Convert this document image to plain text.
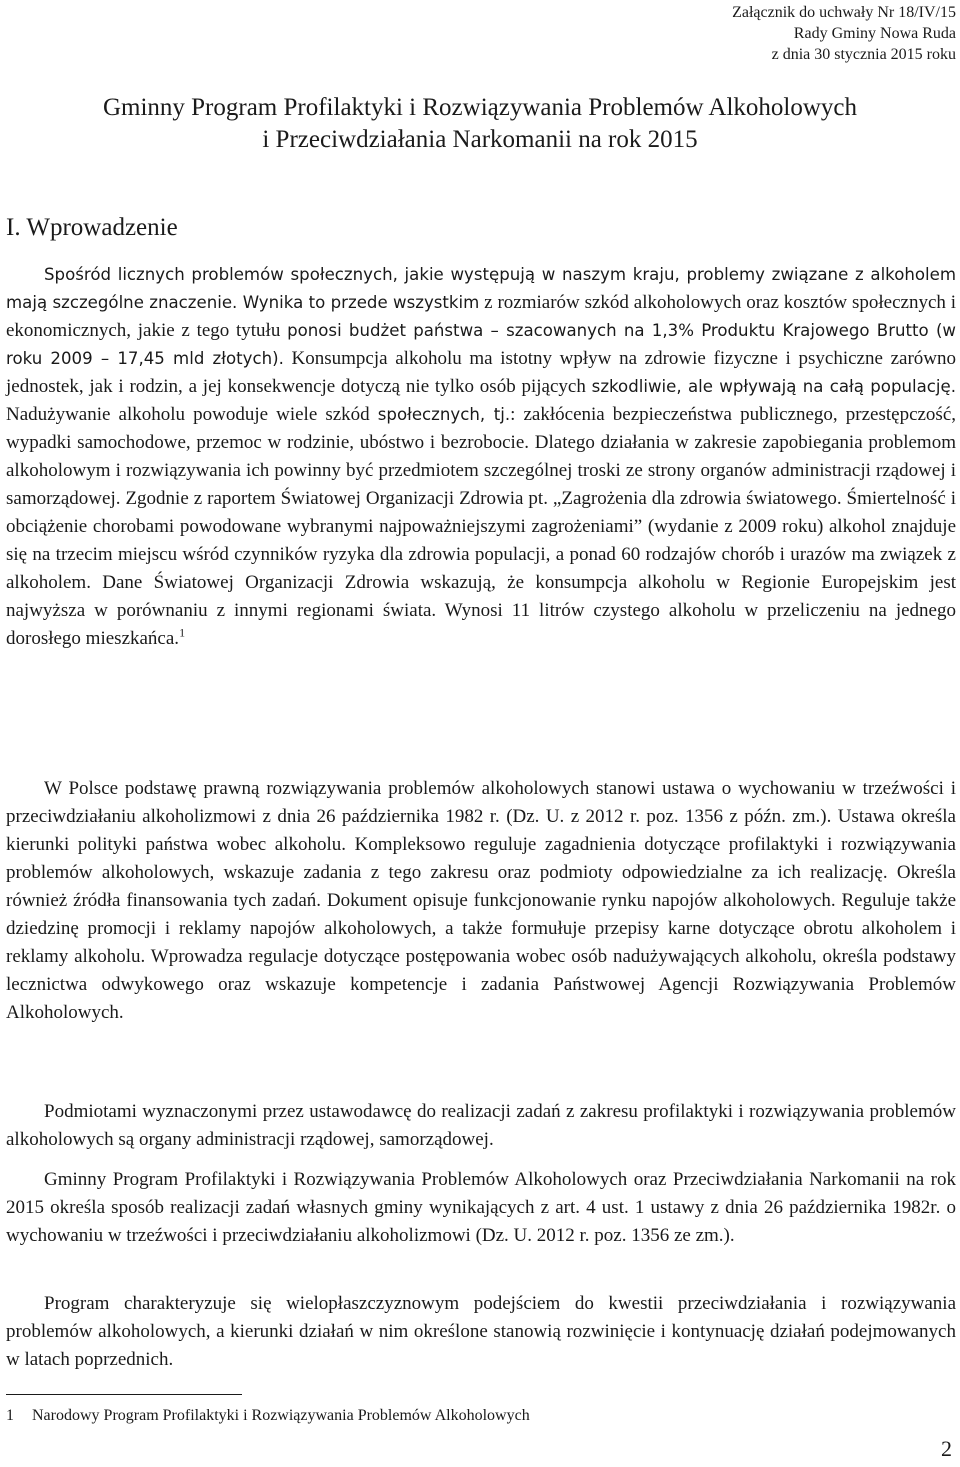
Załącznik do uchwały Nr 18/IV/15
Rady Gminy Nowa Ruda
z dnia 30 stycznia 2015 roku
Gminny Program Profilaktyki i Rozwiązywania Problemów Alkoholowych
i Przeciwdziałania Narkomanii na rok 2015
I. Wprowadzenie
Spośród licznych problemów społecznych, jakie występują w naszym kraju, problemy związane z alkoholem mają szczególne znaczenie. Wynika to przede wszystkim z rozmiarów szkód alkoholowych oraz kosztów społecznych i ekonomicznych, jakie z tego tytułu ponosi budżet państwa – szacowanych na 1,3% Produktu Krajowego Brutto (w roku 2009 – 17,45 mld złotych). Konsumpcja alkoholu ma istotny wpływ na zdrowie fizyczne i psychiczne zarówno jednostek, jak i rodzin, a jej konsekwencje dotyczą nie tylko osób pijących szkodliwie, ale wpływają na całą populację. Nadużywanie alkoholu powoduje wiele szkód społecznych, tj.: zakłócenia bezpieczeństwa publicznego, przestępczość, wypadki samochodowe, przemoc w rodzinie, ubóstwo i bezrobocie. Dlatego działania w zakresie zapobiegania problemom alkoholowym i rozwiązywania ich powinny być przedmiotem szczególnej troski ze strony organów administracji rządowej i samorządowej. Zgodnie z raportem Światowej Organizacji Zdrowia pt. „Zagrożenia dla zdrowia światowego. Śmiertelność i obciążenie chorobami powodowane wybranymi najpoważniejszymi zagrożeniami” (wydanie z 2009 roku) alkohol znajduje się na trzecim miejscu wśród czynników ryzyka dla zdrowia populacji, a ponad 60 rodzajów chorób i urazów ma związek z alkoholem. Dane Światowej Organizacji Zdrowia wskazują, że konsumpcja alkoholu w Regionie Europejskim jest najwyższa w porównaniu z innymi regionami świata. Wynosi 11 litrów czystego alkoholu w przeliczeniu na jednego dorosłego mieszkańca.$^1$
W Polsce podstawę prawną rozwiązywania problemów alkoholowych stanowi ustawa o wychowaniu w trzeźwości i przeciwdziałaniu alkoholizmowi z dnia 26 października 1982 r. (Dz. U. z 2012 r. poz. 1356 z późn. zm.). Ustawa określa kierunki polityki państwa wobec alkoholu. Kompleksowo reguluje zagadnienia dotyczące profilaktyki i rozwiązywania problemów alkoholowych, wskazuje zadania z tego zakresu oraz podmioty odpowiedzialne za ich realizację. Określa również źródła finansowania tych zadań. Dokument opisuje funkcjonowanie rynku napojów alkoholowych. Reguluje także dziedzinę promocji i reklamy napojów alkoholowych, a także formułuje przepisy karne dotyczące obrotu alkoholem i reklamy alkoholu. Wprowadza regulacje dotyczące postępowania wobec osób nadużywających alkoholu, określa podstawy lecznictwa odwykowego oraz wskazuje kompetencje i zadania Państwowej Agencji Rozwiązywania Problemów Alkoholowych.
Podmiotami wyznaczonymi przez ustawodawcę do realizacji zadań z zakresu profilaktyki i rozwiązywania problemów alkoholowych są organy administracji rządowej, samorządowej.
Gminny Program Profilaktyki i Rozwiązywania Problemów Alkoholowych oraz Przeciwdziałania Narkomanii na rok 2015 określa sposób realizacji zadań własnych gminy wynikających z art. 4 ust. 1 ustawy z dnia 26 października 1982r. o wychowaniu w trzeźwości i przeciwdziałaniu alkoholizmowi (Dz. U. 2012 r. poz. 1356 ze zm.).
Program charakteryzuje się wielopłaszczyznowym podejściem do kwestii przeciwdziałania i rozwiązywania problemów alkoholowych, a kierunki działań w nim określone stanowią rozwinięcie i kontynuację działań podejmowanych w latach poprzednich.
1 Narodowy Program Profilaktyki i Rozwiązywania Problemów Alkoholowych
2
